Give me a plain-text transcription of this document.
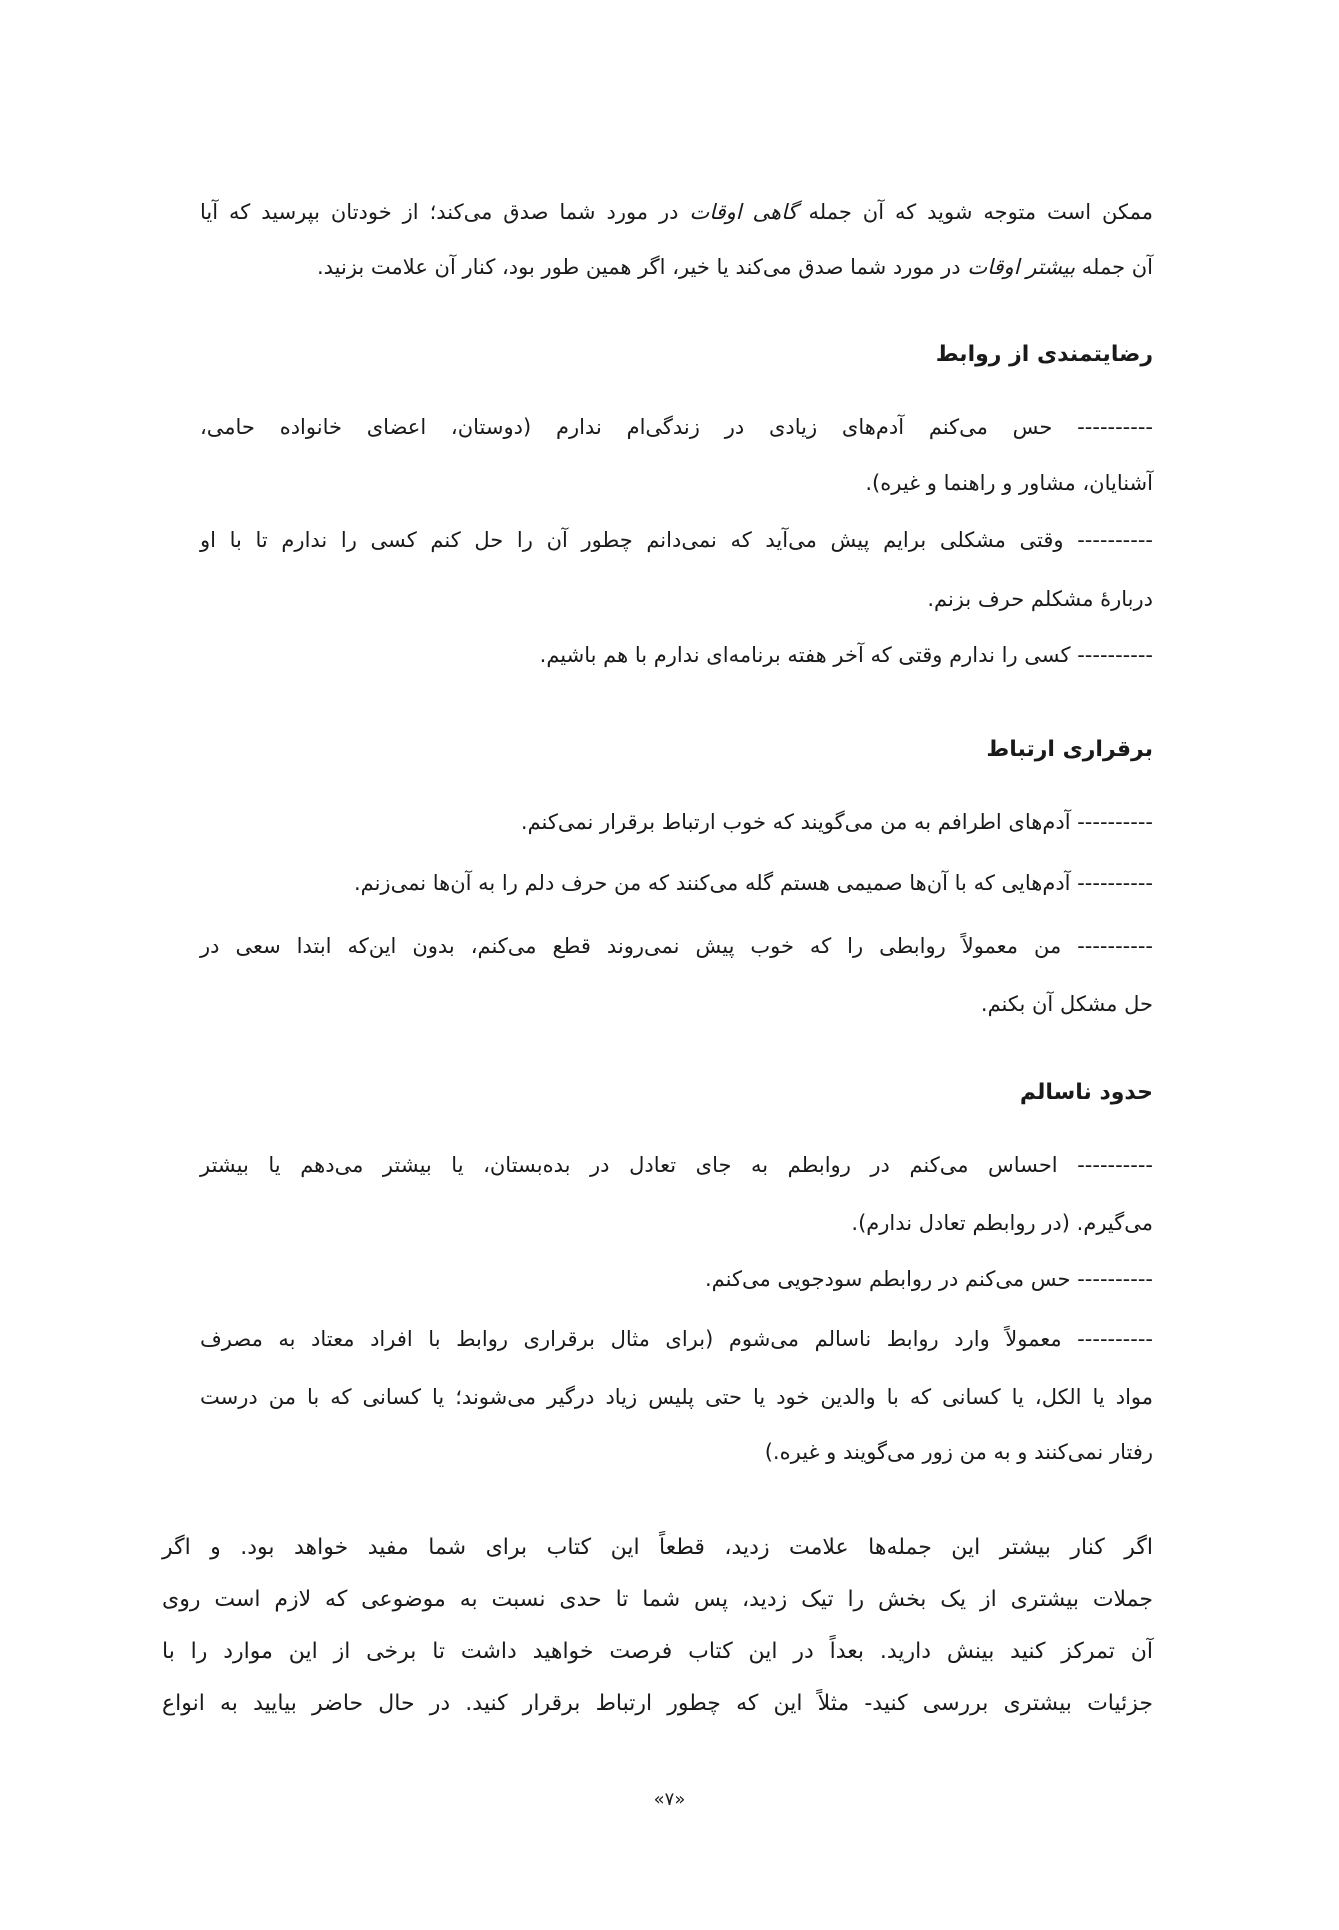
ممکن است متوجه شوید که آن جمله گاهی اوقات در مورد شما صدق می‌کند؛ از خودتان بپرسید که آیا
آن جمله بیشتر اوقات در مورد شما صدق می‌کند یا خیر، اگر همین طور بود، کنار آن علامت بزنید.
رضایتمندی از روابط
---------- حس می‌کنم آدم‌های زیادی در زندگی‌ام ندارم (دوستان، اعضای خانواده حامی،
آشنایان، مشاور و راهنما و غیره).
---------- وقتی مشکلی برایم پیش می‌آید که نمی‌دانم چطور آن را حل کنم کسی را ندارم تا با او
دربارهٔ مشکلم حرف بزنم.
---------- کسی را ندارم وقتی که آخر هفته برنامه‌ای ندارم با هم باشیم.
برقراری ارتباط
---------- آدم‌های اطرافم به من می‌گویند که خوب ارتباط برقرار نمی‌کنم.
---------- آدم‌هایی که با آن‌ها صمیمی هستم گله می‌کنند که من حرف دلم را به آن‌ها نمی‌زنم.
---------- من معمولاً روابطی را که خوب پیش نمی‌روند قطع می‌کنم، بدون این‌که ابتدا سعی در
حل مشکل آن بکنم.
حدود ناسالم
---------- احساس می‌کنم در روابطم به جای تعادل در بده‌بستان، یا بیشتر می‌دهم یا بیشتر
می‌گیرم. (در روابطم تعادل ندارم).
---------- حس می‌کنم در روابطم سودجویی می‌کنم.
---------- معمولاً وارد روابط ناسالم می‌شوم (برای مثال برقراری روابط با افراد معتاد به مصرف
مواد یا الکل، یا کسانی که با والدین خود یا حتی پلیس زیاد درگیر می‌شوند؛ یا کسانی که با من درست
رفتار نمی‌کنند و به من زور می‌گویند و غیره.)
اگر کنار بیشتر این جمله‌ها علامت زدید، قطعاً این کتاب برای شما مفید خواهد بود. و اگر
جملات بیشتری از یک بخش را تیک زدید، پس شما تا حدی نسبت به موضوعی که لازم است روی
آن تمرکز کنید بینش دارید. بعداً در این کتاب فرصت خواهید داشت تا برخی از این موارد را با
جزئیات بیشتری بررسی کنید- مثلاً این که چطور ارتباط برقرار کنید. در حال حاضر بیایید به انواع
«۷»
